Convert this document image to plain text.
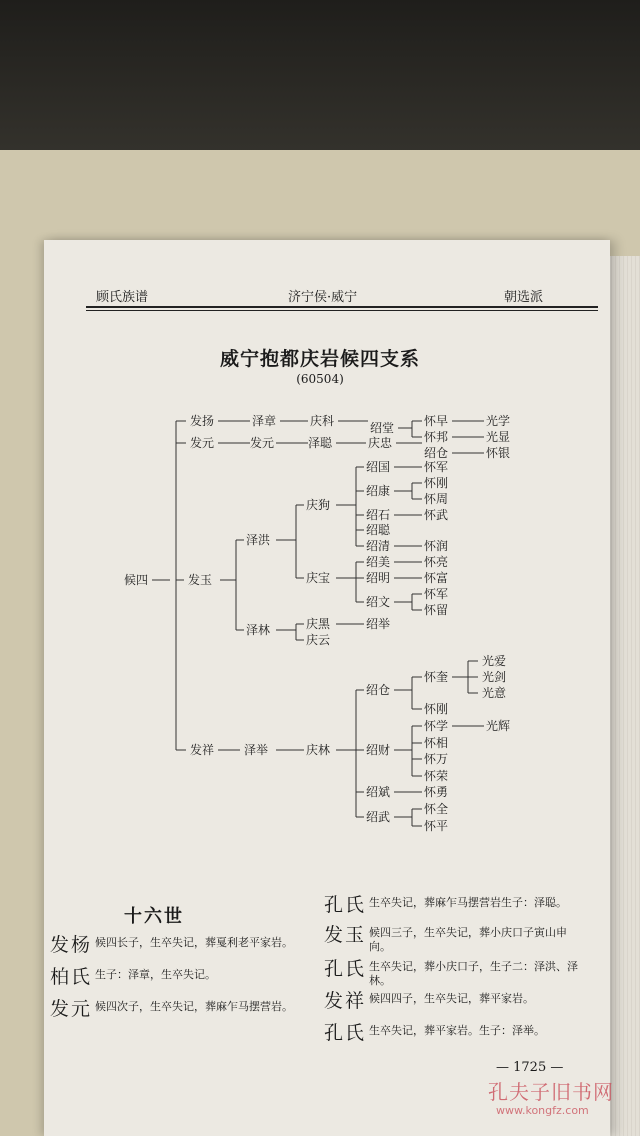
顾氏族谱	济宁侯·威宁	朝选派
威宁抱都庆岩候四支系
(60504)
候四
发扬
发元
发玉
发祥
泽章
发元
泽洪
泽林
泽举
庆科
泽聪
庆狗
庆宝
庆黑
庆云
庆林
绍堂
庆忠
绍国
绍康
绍石
绍聪
绍清
绍美
绍明
绍文
绍举
绍仓
绍财
绍斌
绍武
怀早
怀邦
绍仓
怀军
怀刚
怀周
怀武
怀润
怀亮
怀富
怀军
怀留
怀奎
怀刚
怀学
怀相
怀万
怀荣
怀勇
怀全
怀平
光学
光显
怀银
光爱
光剑
光意
光辉
十六世
发杨 候四长子，生卒失记，葬戛利老平家岩。
柏氏 生子：泽章，生卒失记。
发元 候四次子，生卒失记，葬麻乍马摆营岩。
孔氏 生卒失记，葬麻乍马摆营岩生子：泽聪。
发玉 候四三子，生卒失记，葬小庆口子寅山申向。
孔氏 生卒失记，葬小庆口子，生子二：泽洪、泽林。
发祥 候四四子，生卒失记，葬平家岩。
孔氏 生卒失记，葬平家岩。生子：泽举。
— 1725 —
孔夫子旧书网
www.kongfz.com
